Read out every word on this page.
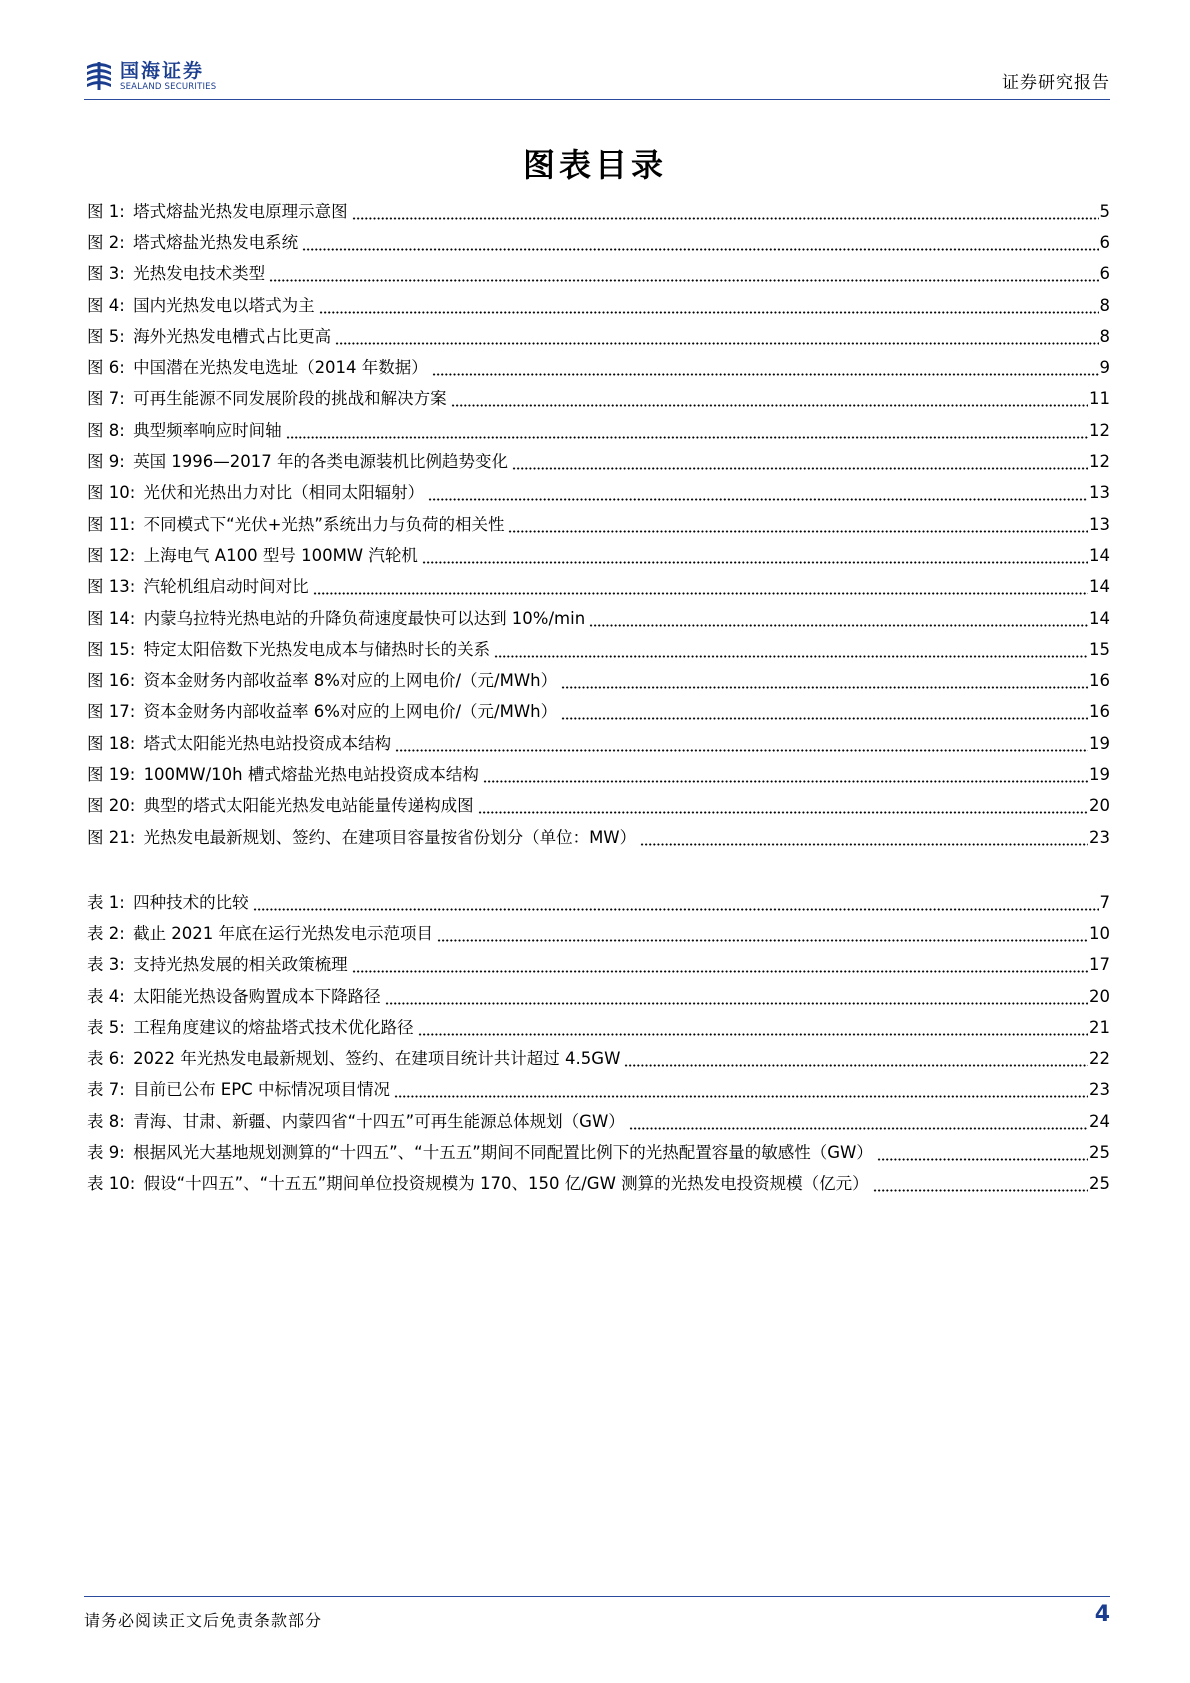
国海证券
SEALAND SECURITIES	证券研究报告
图表目录
图 1:  塔式熔盐光热发电原理示意图	5
图 2:  塔式熔盐光热发电系统	6
图 3:  光热发电技术类型	6
图 4:  国内光热发电以塔式为主	8
图 5:  海外光热发电槽式占比更高	8
图 6:  中国潜在光热发电选址（2014 年数据）	9
图 7:  可再生能源不同发展阶段的挑战和解决方案	11
图 8:  典型频率响应时间轴	12
图 9:  英国 1996—2017 年的各类电源装机比例趋势变化	12
图 10:  光伏和光热出力对比（相同太阳辐射）	13
图 11:  不同模式下“光伏+光热”系统出力与负荷的相关性	13
图 12:  上海电气 A100 型号 100MW 汽轮机	14
图 13:  汽轮机组启动时间对比	14
图 14:  内蒙乌拉特光热电站的升降负荷速度最快可以达到 10%/min	14
图 15:  特定太阳倍数下光热发电成本与储热时长的关系	15
图 16:  资本金财务内部收益率 8%对应的上网电价/（元/MWh）	16
图 17:  资本金财务内部收益率 6%对应的上网电价/（元/MWh）	16
图 18:  塔式太阳能光热电站投资成本结构	19
图 19:  100MW/10h 槽式熔盐光热电站投资成本结构	19
图 20:  典型的塔式太阳能光热发电站能量传递构成图	20
图 21:  光热发电最新规划、签约、在建项目容量按省份划分（单位：MW）	23
表 1:  四种技术的比较	7
表 2:  截止 2021 年底在运行光热发电示范项目	10
表 3:  支持光热发展的相关政策梳理	17
表 4:  太阳能光热设备购置成本下降路径	20
表 5:  工程角度建议的熔盐塔式技术优化路径	21
表 6:  2022 年光热发电最新规划、签约、在建项目统计共计超过 4.5GW	22
表 7:  目前已公布 EPC 中标情况项目情况	23
表 8:  青海、甘肃、新疆、内蒙四省“十四五”可再生能源总体规划（GW）	24
表 9:  根据风光大基地规划测算的“十四五”、“十五五”期间不同配置比例下的光热配置容量的敏感性（GW）	25
表 10:  假设“十四五”、“十五五”期间单位投资规模为 170、150 亿/GW 测算的光热发电投资规模（亿元）	25
请务必阅读正文后免责条款部分	4
